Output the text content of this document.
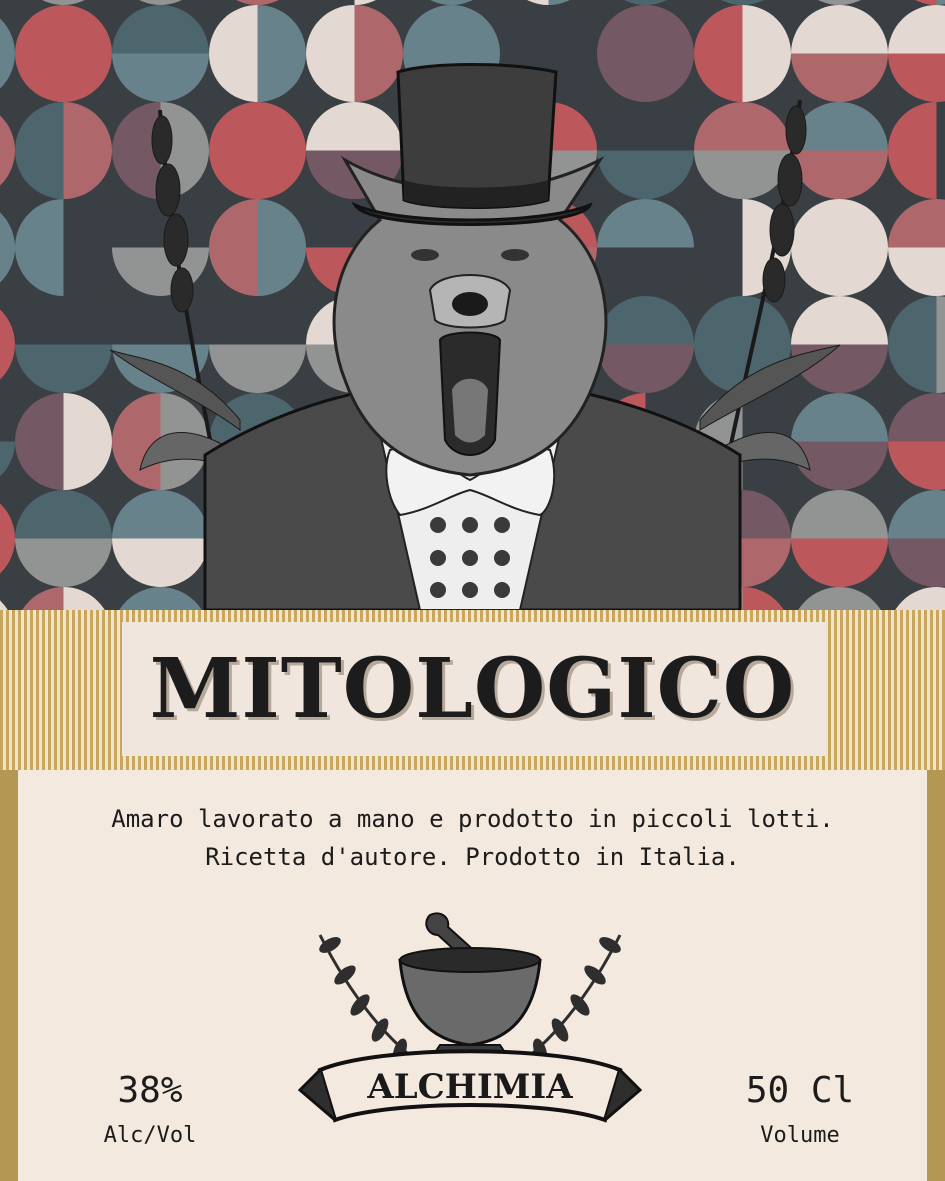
MITOLOGICO
Amaro lavorato a mano e prodotto in piccoli lotti.
Ricetta d'autore. Prodotto in Italia.
38%
Alc/Vol
50 Cl
Volume
ALCHIMIA
